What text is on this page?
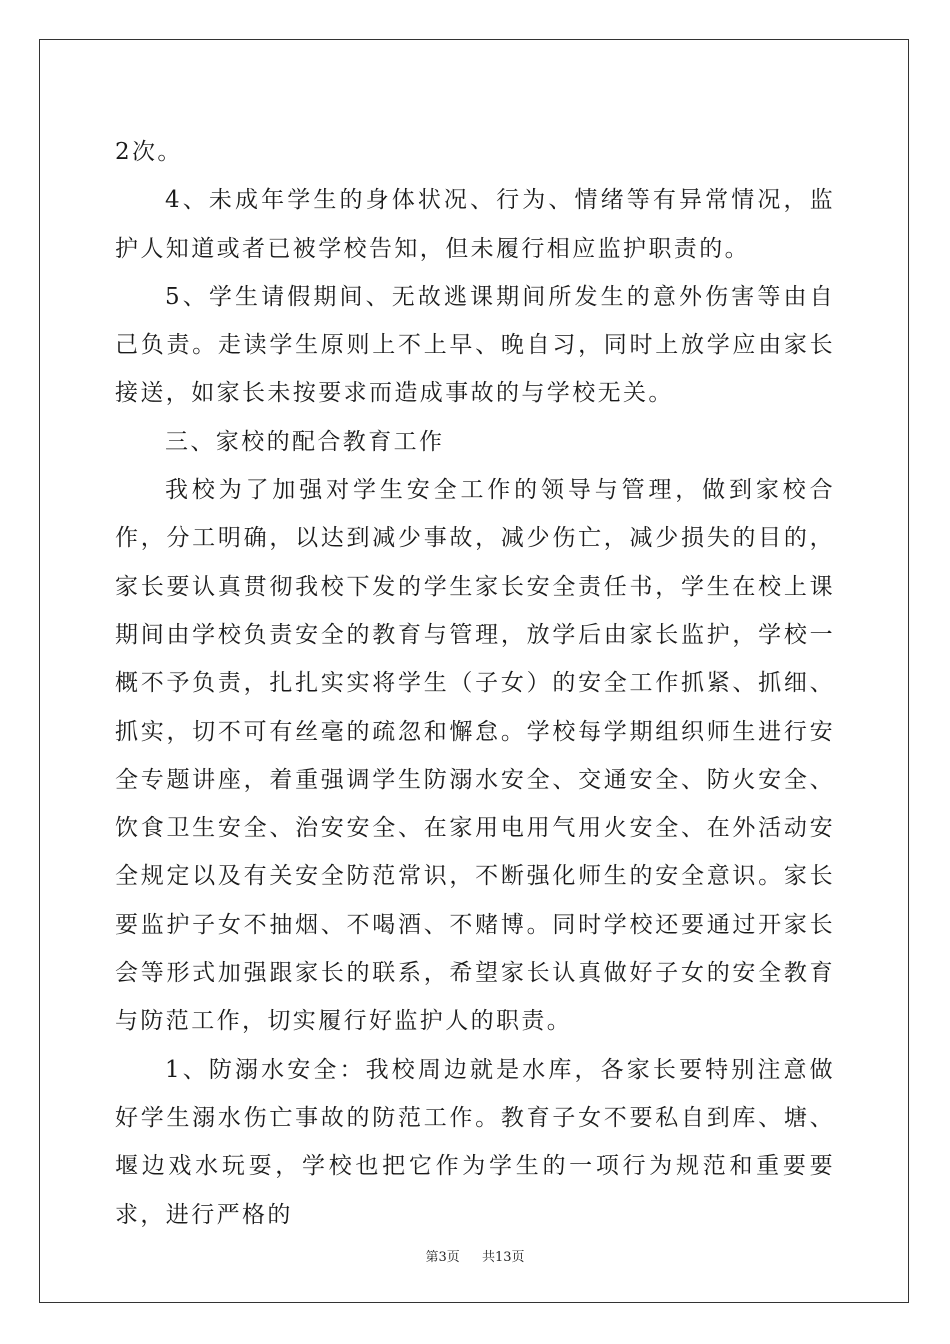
2次。

4、未成年学生的身体状况、行为、情绪等有异常情况，监护人知道或者已被学校告知，但未履行相应监护职责的。

5、学生请假期间、无故逃课期间所发生的意外伤害等由自己负责。走读学生原则上不上早、晚自习，同时上放学应由家长接送，如家长未按要求而造成事故的与学校无关。

三、家校的配合教育工作

我校为了加强对学生安全工作的领导与管理，做到家校合作，分工明确，以达到减少事故，减少伤亡，减少损失的目的，家长要认真贯彻我校下发的学生家长安全责任书，学生在校上课期间由学校负责安全的教育与管理，放学后由家长监护，学校一概不予负责，扎扎实实将学生（子女）的安全工作抓紧、抓细、抓实，切不可有丝毫的疏忽和懈怠。学校每学期组织师生进行安全专题讲座，着重强调学生防溺水安全、交通安全、防火安全、饮食卫生安全、治安安全、在家用电用气用火安全、在外活动安全规定以及有关安全防范常识，不断强化师生的安全意识。家长要监护子女不抽烟、不喝酒、不赌博。同时学校还要通过开家长会等形式加强跟家长的联系，希望家长认真做好子女的安全教育与防范工作，切实履行好监护人的职责。

1、防溺水安全：我校周边就是水库，各家长要特别注意做好学生溺水伤亡事故的防范工作。教育子女不要私自到库、塘、堰边戏水玩耍，学校也把它作为学生的一项行为规范和重要要求，进行严格的

第3页 共13页
